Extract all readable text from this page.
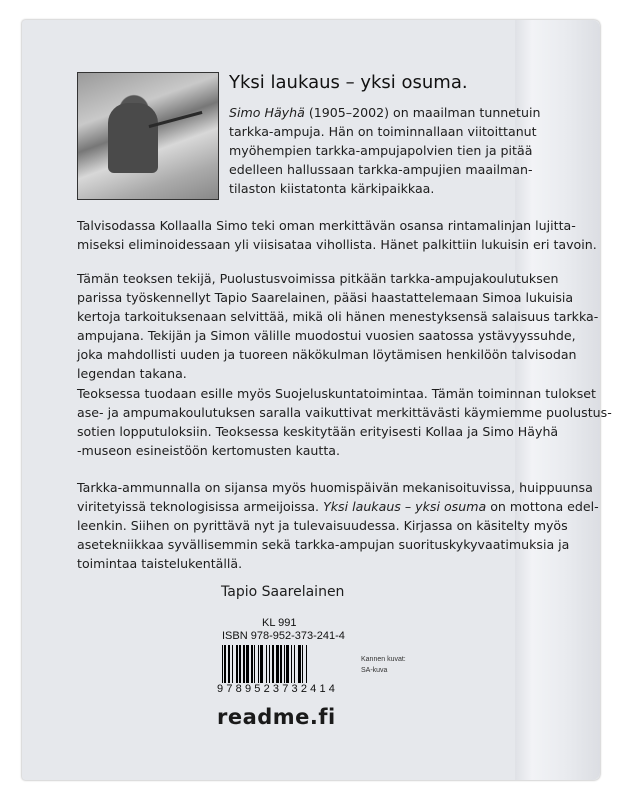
Yksi laukaus – yksi osuma.
Simo Häyhä (1905–2002) on maailman tunnetuin
tarkka-ampuja. Hän on toiminnallaan viitoittanut
myöhempien tarkka-ampujapolvien tien ja pitää
edelleen hallussaan tarkka-ampujien maailman-
tilaston kiistatonta kärkipaikkaa.
Talvisodassa Kollaalla Simo teki oman merkittävän osansa rintamalinjan lujitta-
miseksi eliminoidessaan yli viisisataa vihollista. Hänet palkittiin lukuisin eri tavoin.
Tämän teoksen tekijä, Puolustusvoimissa pitkään tarkka-ampujakoulutuksen
parissa työskennellyt Tapio Saarelainen, pääsi haastattelemaan Simoa lukuisia
kertoja tarkoituksenaan selvittää, mikä oli hänen menestyksensä salaisuus tarkka-
ampujana. Tekijän ja Simon välille muodostui vuosien saatossa ystävyyssuhde,
joka mahdollisti uuden ja tuoreen näkökulman löytämisen henkilöön talvisodan
legendan takana.
Teoksessa tuodaan esille myös Suojeluskuntatoimintaa. Tämän toiminnan tulokset
ase- ja ampumakoulutuksen saralla vaikuttivat merkittävästi käymiemme puolustus-
sotien lopputuloksiin. Teoksessa keskitytään erityisesti Kollaa ja Simo Häyhä
-museon esineistöön kertomusten kautta.
Tarkka-ammunnalla on sijansa myös huomispäivän mekanisoituvissa, huippuunsa
viritetyissä teknologisissa armeijoissa. Yksi laukaus – yksi osuma on mottona edel-
leenkin. Siihen on pyrittävä nyt ja tulevaisuudessa. Kirjassa on käsitelty myös
asetekniikkaa syvällisemmin sekä tarkka-ampujan suorituskykyvaatimuksia ja
toimintaa taistelukentällä.
Tapio Saarelainen
KL 991
ISBN 978-952-373-241-4
9789523732414
Kannen kuvat:
SA-kuva
readme.fi
